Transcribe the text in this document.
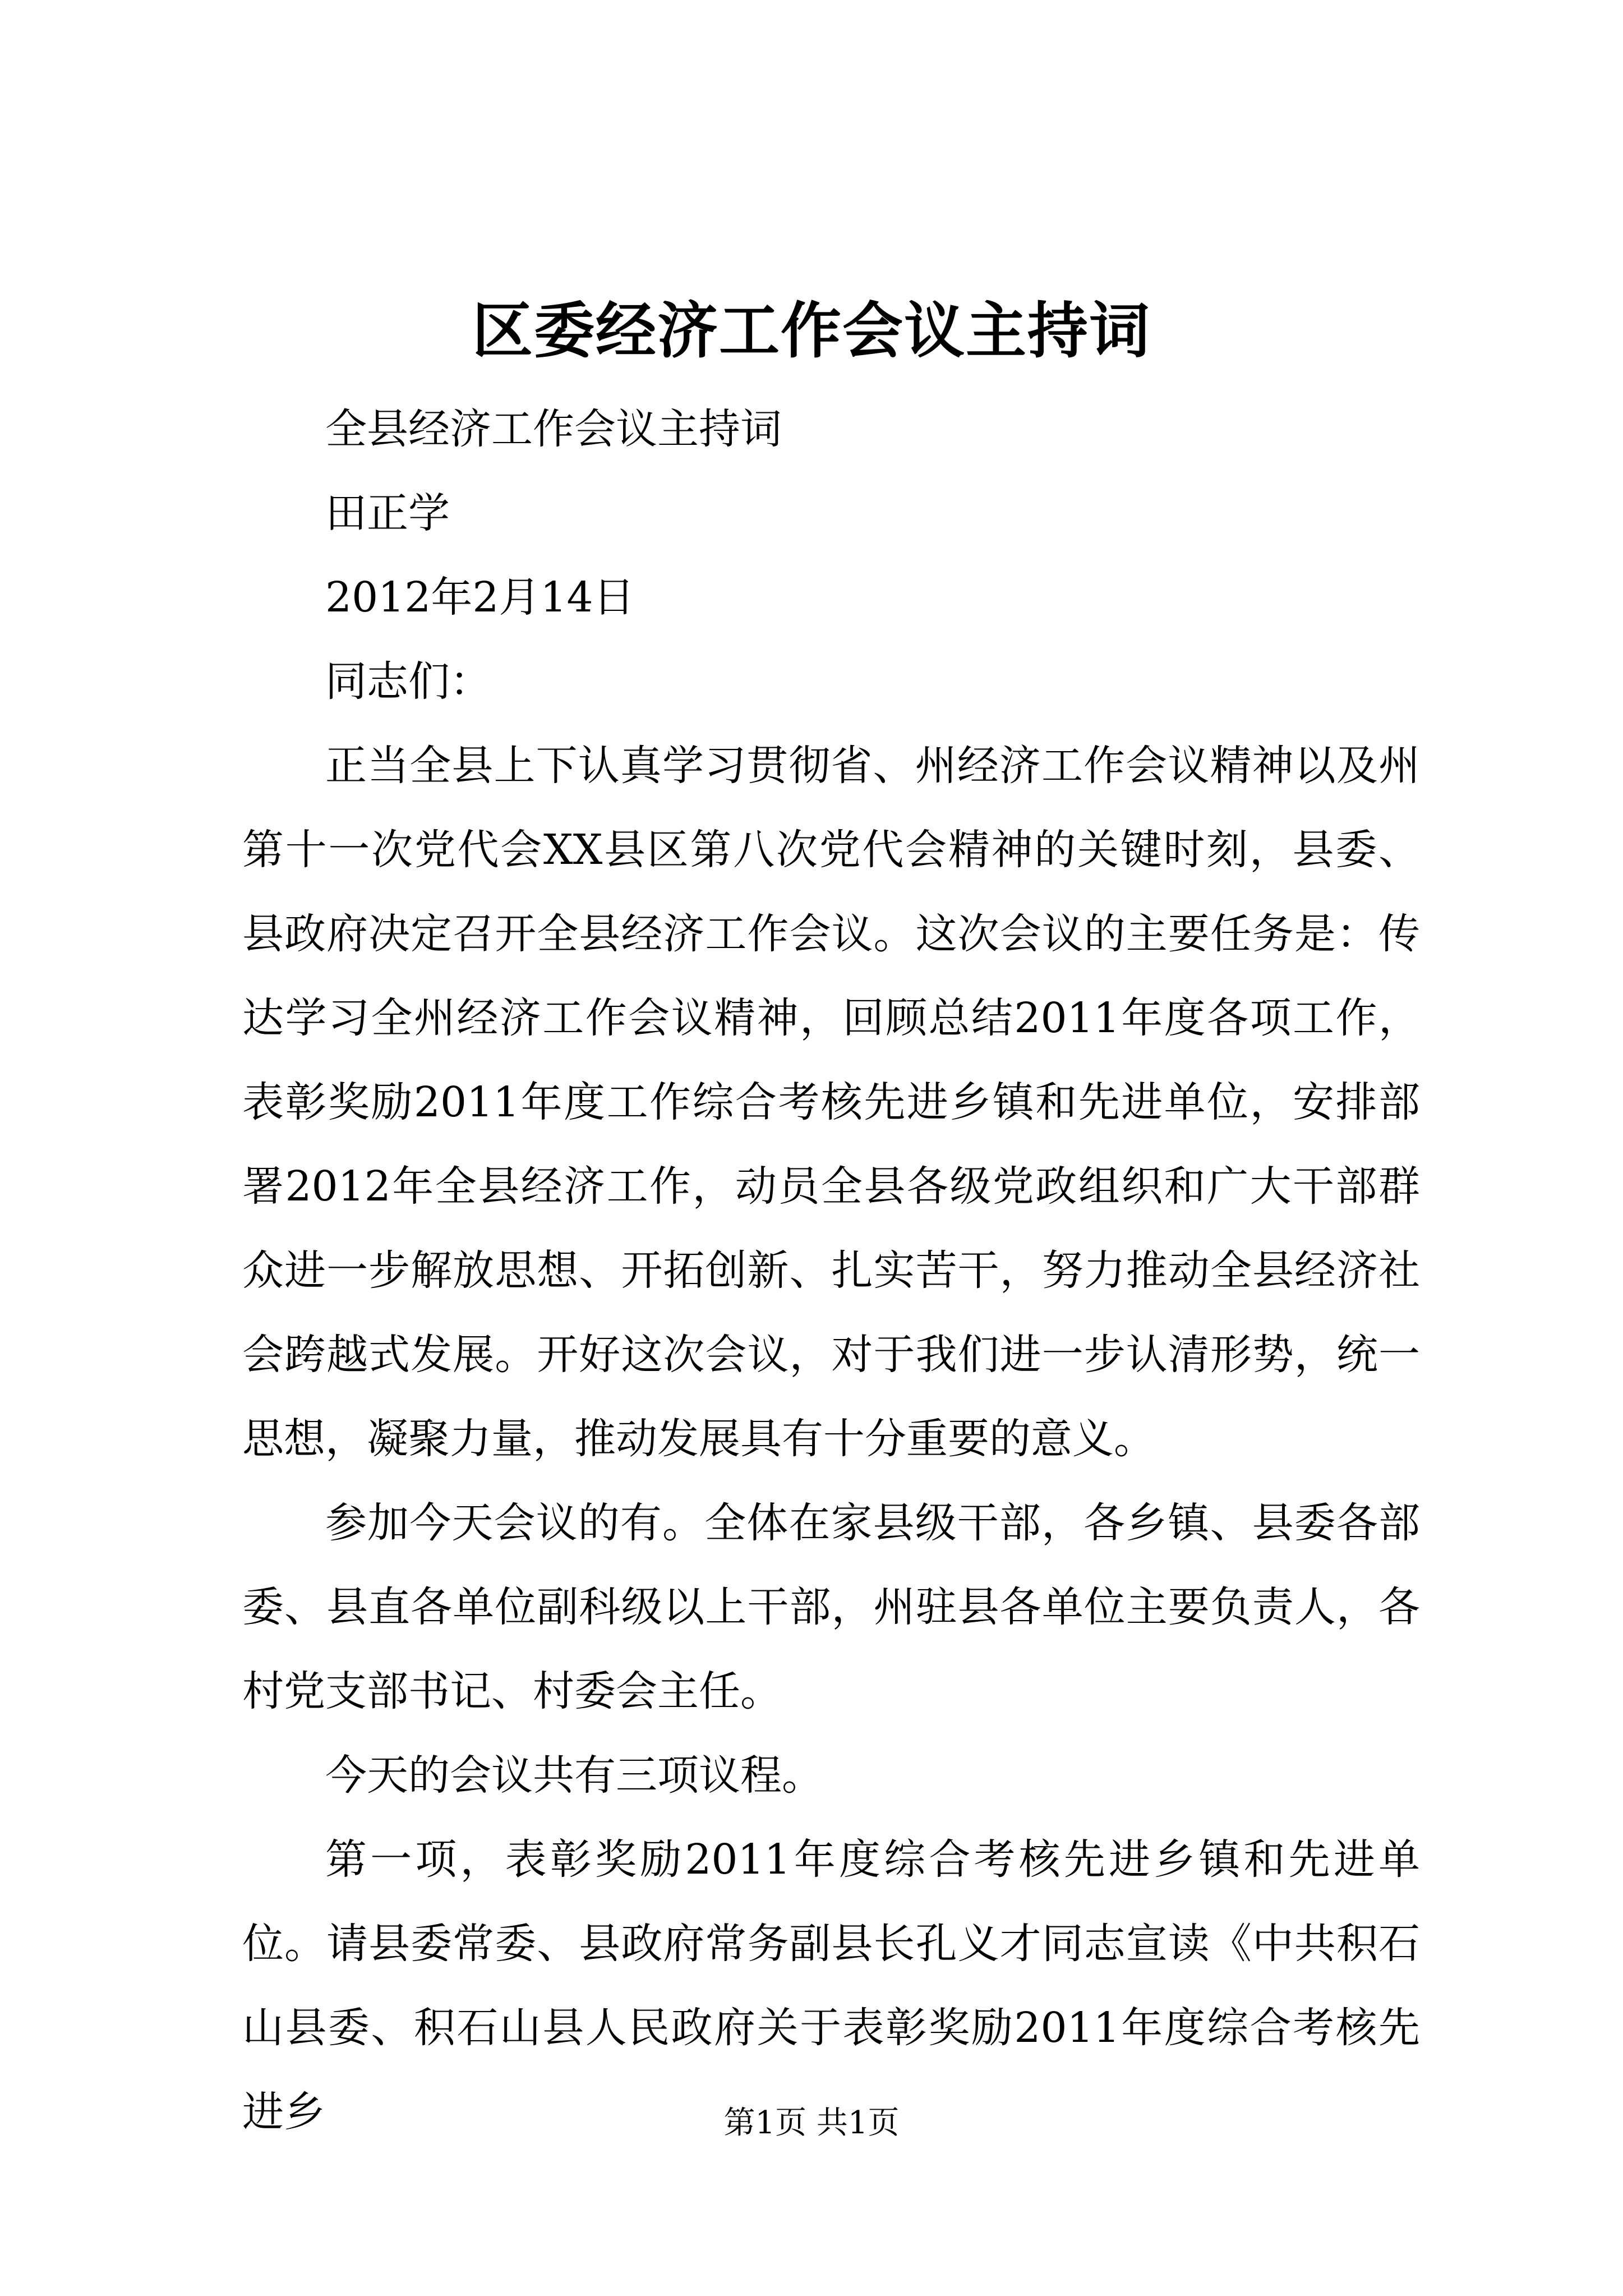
区委经济工作会议主持词

全县经济工作会议主持词

田正学

2012年2月14日

同志们：

正当全县上下认真学习贯彻省、州经济工作会议精神以及州第十一次党代会XX县区第八次党代会精神的关键时刻，县委、县政府决定召开全县经济工作会议。这次会议的主要任务是：传达学习全州经济工作会议精神，回顾总结2011年度各项工作，表彰奖励2011年度工作综合考核先进乡镇和先进单位，安排部署2012年全县经济工作，动员全县各级党政组织和广大干部群众进一步解放思想、开拓创新、扎实苦干，努力推动全县经济社会跨越式发展。开好这次会议，对于我们进一步认清形势，统一思想，凝聚力量，推动发展具有十分重要的意义。

参加今天会议的有。全体在家县级干部，各乡镇、县委各部委、县直各单位副科级以上干部，州驻县各单位主要负责人，各村党支部书记、村委会主任。

今天的会议共有三项议程。

第一项，表彰奖励2011年度综合考核先进乡镇和先进单位。请县委常委、县政府常务副县长孔义才同志宣读《中共积石山县委、积石山县人民政府关于表彰奖励2011年度综合考核先进乡	第1页 共1页
